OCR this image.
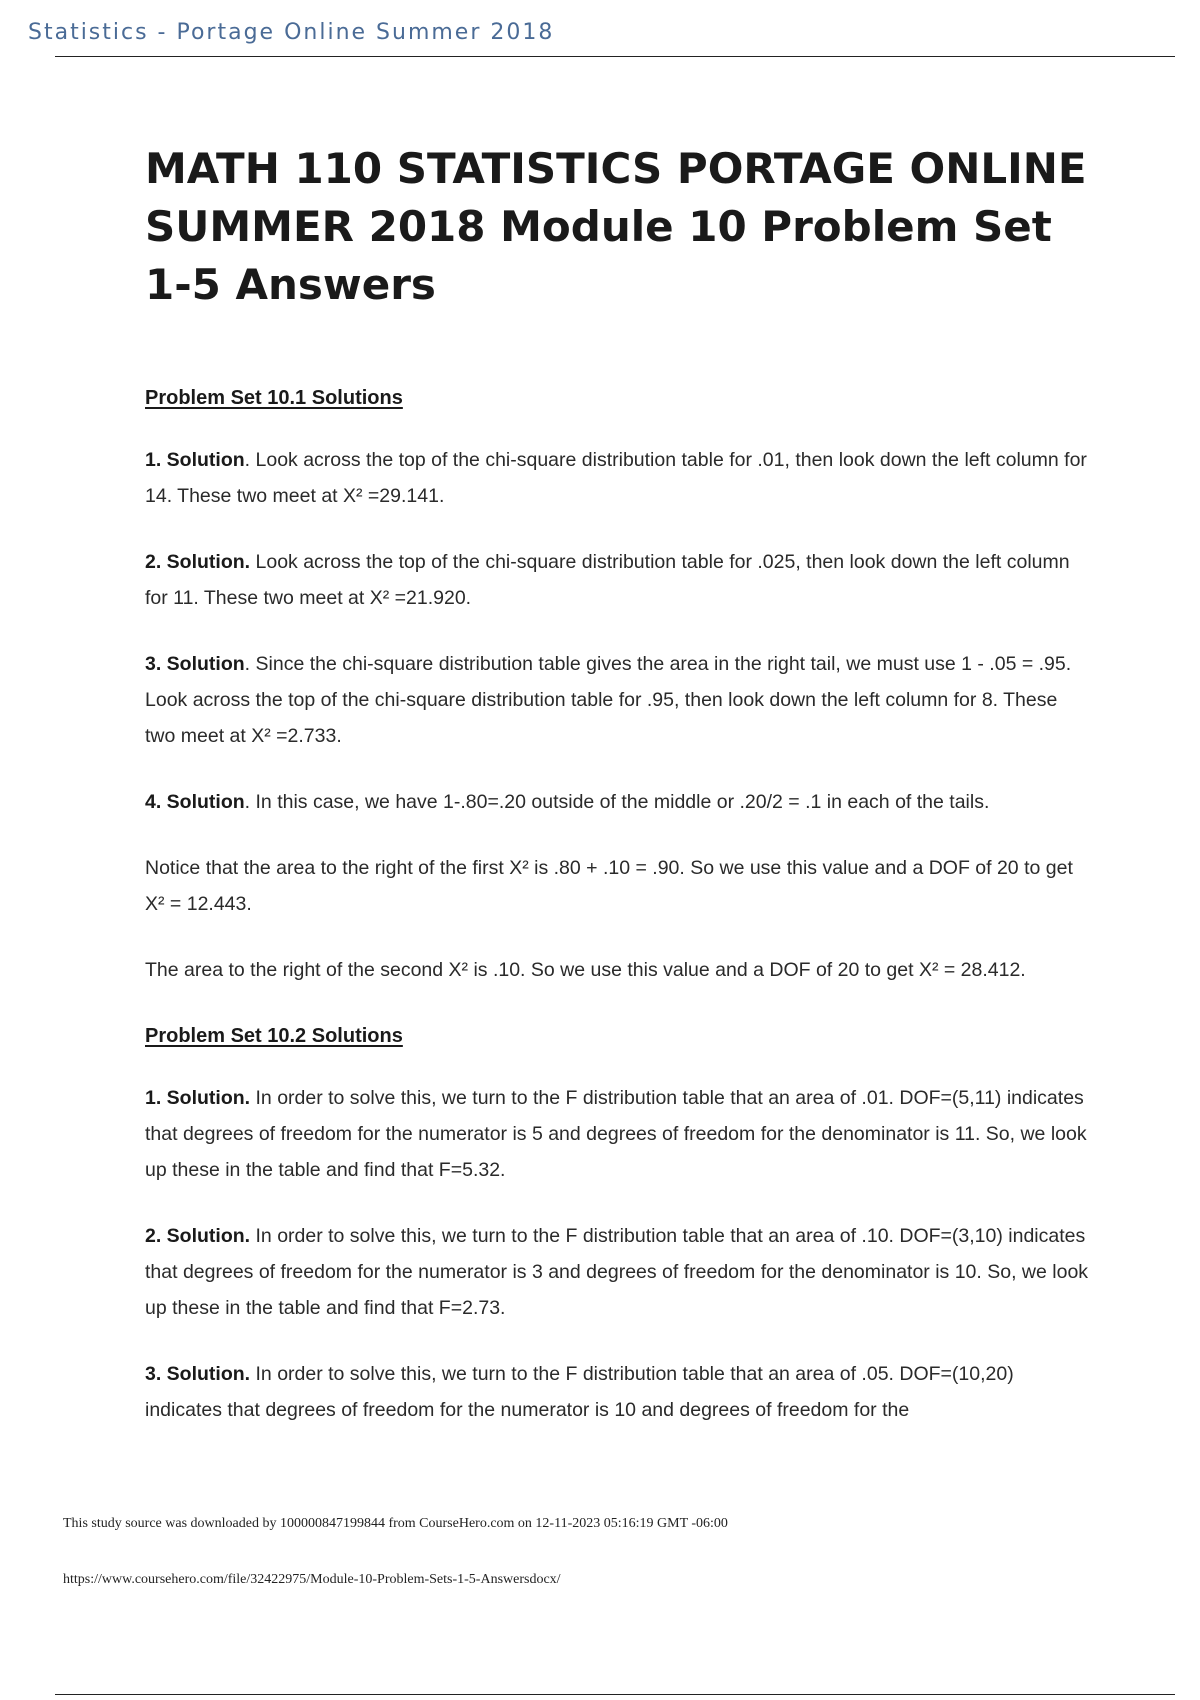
Statistics - Portage Online Summer 2018
MATH 110 STATISTICS PORTAGE ONLINE SUMMER 2018 Module 10 Problem Set 1-5 Answers
Problem Set 10.1 Solutions

1. Solution. Look across the top of the chi-square distribution table for .01, then look down the left column for 14. These two meet at X² =29.141.

2. Solution. Look across the top of the chi-square distribution table for .025, then look down the left column for 11. These two meet at X² =21.920.

3. Solution. Since the chi-square distribution table gives the area in the right tail, we must use 1 - .05 = .95. Look across the top of the chi-square distribution table for .95, then look down the left column for 8. These two meet at X² =2.733.

4. Solution. In this case, we have 1-.80=.20 outside of the middle or .20/2 = .1 in each of the tails.

Notice that the area to the right of the first X² is .80 + .10 = .90. So we use this value and a DOF of 20 to get X² = 12.443.

The area to the right of the second X² is .10. So we use this value and a DOF of 20 to get X² = 28.412.

Problem Set 10.2 Solutions

1. Solution. In order to solve this, we turn to the F distribution table that an area of .01. DOF=(5,11) indicates that degrees of freedom for the numerator is 5 and degrees of freedom for the denominator is 11. So, we look up these in the table and find that F=5.32.

2. Solution. In order to solve this, we turn to the F distribution table that an area of .10. DOF=(3,10) indicates that degrees of freedom for the numerator is 3 and degrees of freedom for the denominator is 10. So, we look up these in the table and find that F=2.73.

3. Solution. In order to solve this, we turn to the F distribution table that an area of .05. DOF=(10,20) indicates that degrees of freedom for the numerator is 10 and degrees of freedom for the

This study source was downloaded by 100000847199844 from CourseHero.com on 12-11-2023 05:16:19 GMT -06:00
https://www.coursehero.com/file/32422975/Module-10-Problem-Sets-1-5-Answersdocx/
